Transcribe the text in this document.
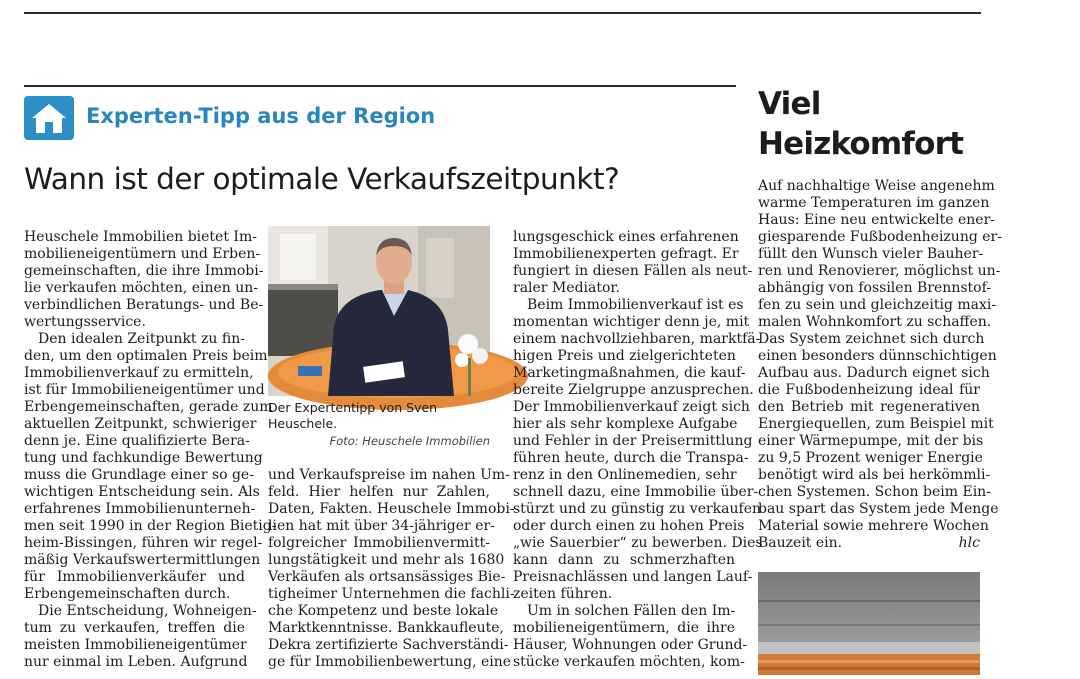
Experten-Tipp aus der Region
Wann ist der optimale Verkaufszeitpunkt?
Heuschele Immobilien bietet Im-
mobilieneigentümern und Erben-
gemeinschaften, die ihre Immobi-
lie verkaufen möchten, einen un-
verbindlichen Beratungs- und Be-
wertungsservice.
Den idealen Zeitpunkt zu fin-
den, um den optimalen Preis beim
Immobilienverkauf zu ermitteln,
ist für Immobilieneigentümer und
Erbengemeinschaften, gerade zum
aktuellen Zeitpunkt, schwieriger
denn je. Eine qualifizierte Bera-
tung und fachkundige Bewertung
muss die Grundlage einer so ge-
wichtigen Entscheidung sein. Als
erfahrenes Immobilienunterneh-
men seit 1990 in der Region Bietig-
heim-Bissingen, führen wir regel-
mäßig Verkaufswertermittlungen
für Immobilienverkäufer und
Erbengemeinschaften durch.
Die Entscheidung, Wohneigen-
tum zu verkaufen, treffen die
meisten Immobilieneigentümer
nur einmal im Leben. Aufgrund
Der Expertentipp von Sven
Heuschele.
Foto: Heuschele Immobilien
und Verkaufspreise im nahen Um-
feld. Hier helfen nur Zahlen,
Daten, Fakten. Heuschele Immobi-
lien hat mit über 34-jähriger er-
folgreicher Immobilienvermitt-
lungstätigkeit und mehr als 1680
Verkäufen als ortsansässiges Bie-
tigheimer Unternehmen die fachli-
che Kompetenz und beste lokale
Marktkenntnisse. Bankkaufleute,
Dekra zertifizierte Sachverständi-
ge für Immobilienbewertung, eine
lungsgeschick eines erfahrenen
Immobilienexperten gefragt. Er
fungiert in diesen Fällen als neut-
raler Mediator.
Beim Immobilienverkauf ist es
momentan wichtiger denn je, mit
einem nachvollziehbaren, marktfä-
higen Preis und zielgerichteten
Marketingmaßnahmen, die kauf-
bereite Zielgruppe anzusprechen.
Der Immobilienverkauf zeigt sich
hier als sehr komplexe Aufgabe
und Fehler in der Preisermittlung
führen heute, durch die Transpa-
renz in den Onlinemedien, sehr
schnell dazu, eine Immobilie über-
stürzt und zu günstig zu verkaufen
oder durch einen zu hohen Preis
„wie Sauerbier“ zu bewerben. Dies
kann dann zu schmerzhaften
Preisnachlässen und langen Lauf-
zeiten führen.
Um in solchen Fällen den Im-
mobilieneigentümern, die ihre
Häuser, Wohnungen oder Grund-
stücke verkaufen möchten, kom-
Viel
Heizkomfort
Auf nachhaltige Weise angenehm
warme Temperaturen im ganzen
Haus: Eine neu entwickelte ener-
giesparende Fußbodenheizung er-
füllt den Wunsch vieler Bauher-
ren und Renovierer, möglichst un-
abhängig von fossilen Brennstof-
fen zu sein und gleichzeitig maxi-
malen Wohnkomfort zu schaffen.
Das System zeichnet sich durch
einen besonders dünnschichtigen
Aufbau aus. Dadurch eignet sich
die Fußbodenheizung ideal für
den Betrieb mit regenerativen
Energiequellen, zum Beispiel mit
einer Wärmepumpe, mit der bis
zu 9,5 Prozent weniger Energie
benötigt wird als bei herkömmli-
chen Systemen. Schon beim Ein-
bau spart das System jede Menge
Material sowie mehrere Wochen
Bauzeit ein.	hlc
